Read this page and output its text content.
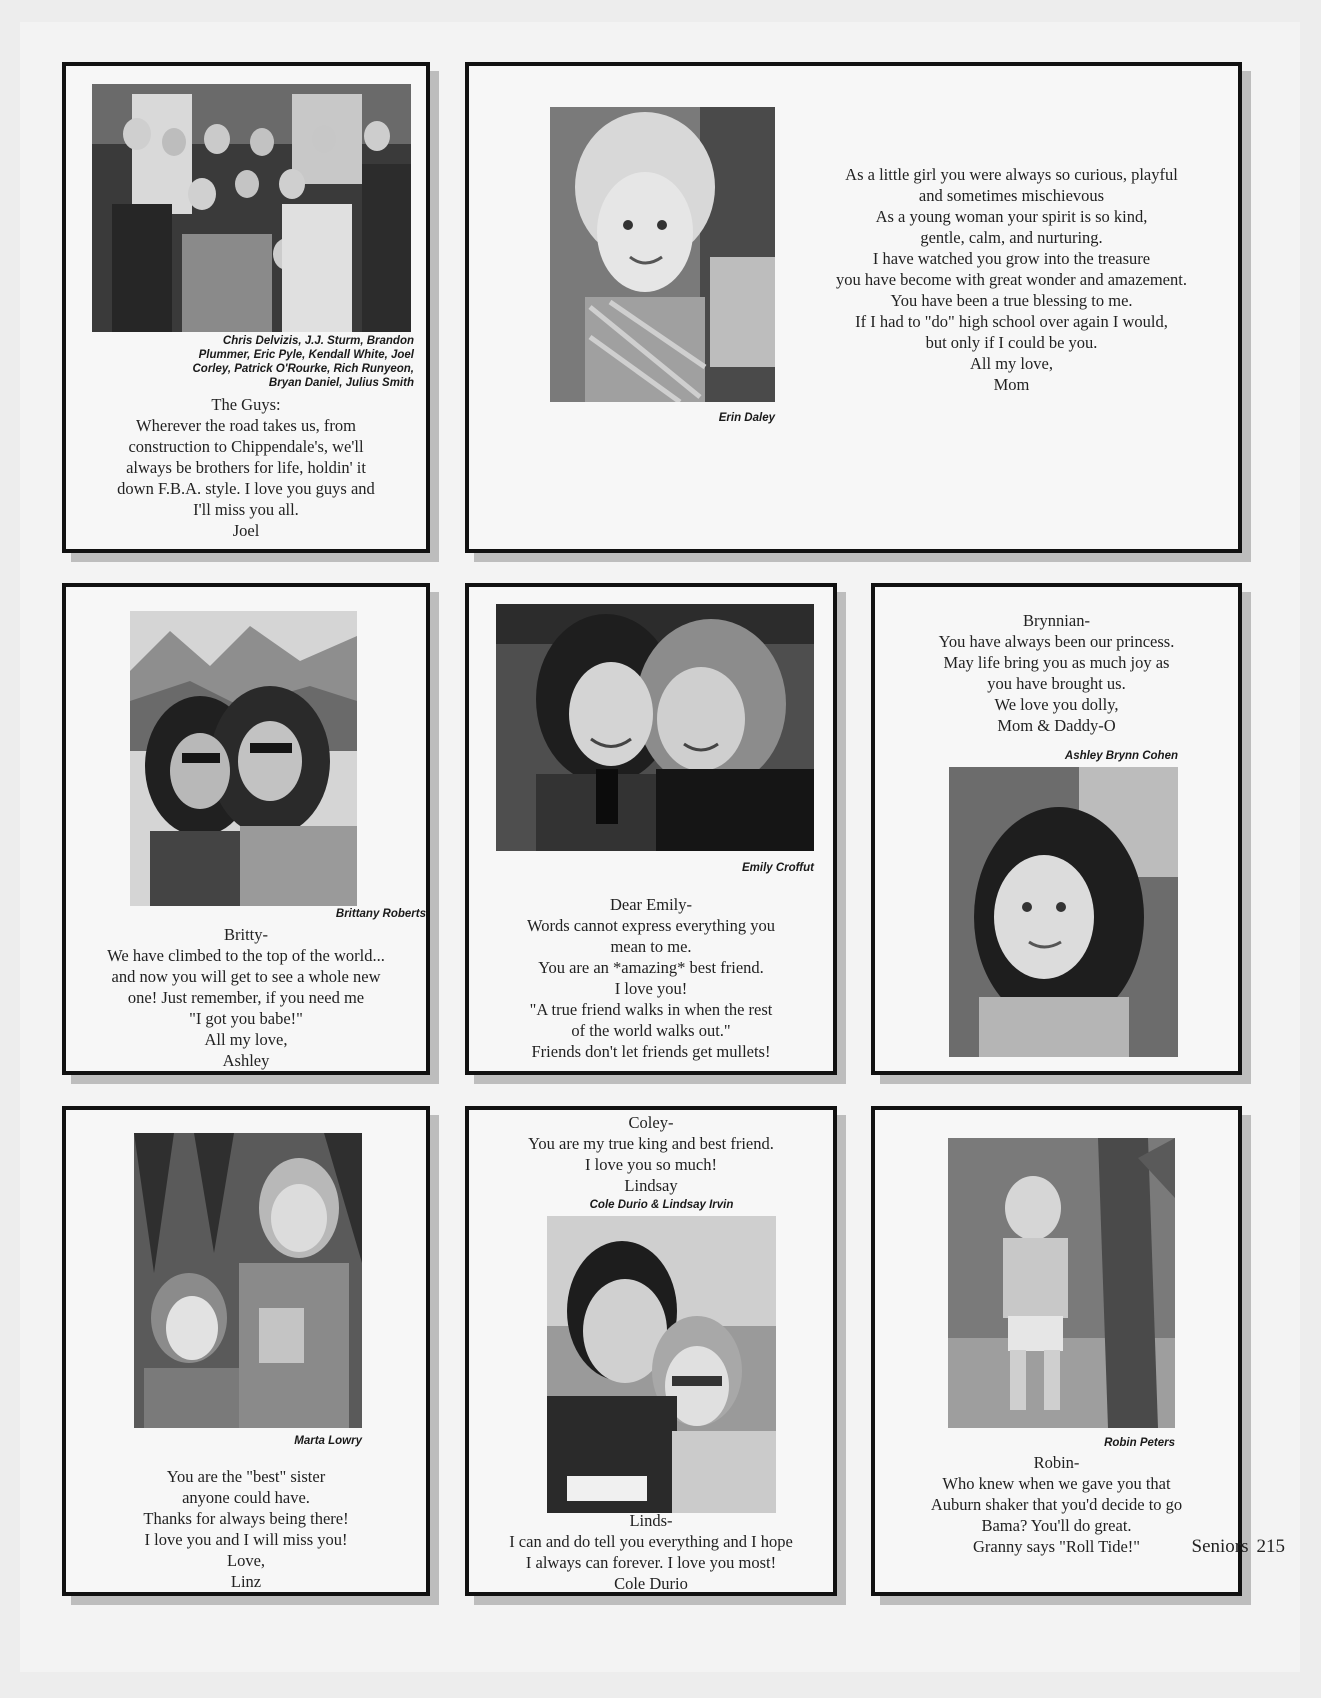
Chris Delvizis, J.J. Sturm, Brandon
Plummer, Eric Pyle, Kendall White, Joel
Corley, Patrick O'Rourke, Rich Runyeon,
Bryan Daniel, Julius Smith
The Guys:
Wherever the road takes us, from
construction to Chippendale's, we'll
always be brothers for life, holdin' it
down F.B.A. style. I love you guys and
I'll miss you all.
Joel
Erin Daley
As a little girl you were always so curious, playful
and sometimes mischievous
As a young woman your spirit is so kind,
gentle, calm, and nurturing.
I have watched you grow into the treasure
you have become with great wonder and amazement.
You have been a true blessing to me.
If I had to "do" high school over again I would,
but only if I could be you.
All my love,
Mom
Brittany Roberts
Britty-
We have climbed to the top of the world...
and now you will get to see a whole new
one! Just remember, if you need me
"I got you babe!"
All my love,
Ashley
Emily Croffut
Dear Emily-
Words cannot express everything you
mean to me.
You are an *amazing* best friend.
I love you!
"A true friend walks in when the rest
of the world walks out."
Friends don't let friends get mullets!
Brynnian-
You have always been our princess.
May life bring you as much joy as
you have brought us.
We love you dolly,
Mom & Daddy-O
Ashley Brynn Cohen
Marta Lowry
You are the "best" sister
anyone could have.
Thanks for always being there!
I love you and I will miss you!
Love,
Linz
Coley-
You are my true king and best friend.
I love you so much!
Lindsay
Cole Durio & Lindsay Irvin
Linds-
I can and do tell you everything and I hope
I always can forever. I love you most!
Cole Durio
Robin Peters
Robin-
Who knew when we gave you that
Auburn shaker that you'd decide to go
Bama? You'll do great.
Granny says "Roll Tide!"	Seniors 215
